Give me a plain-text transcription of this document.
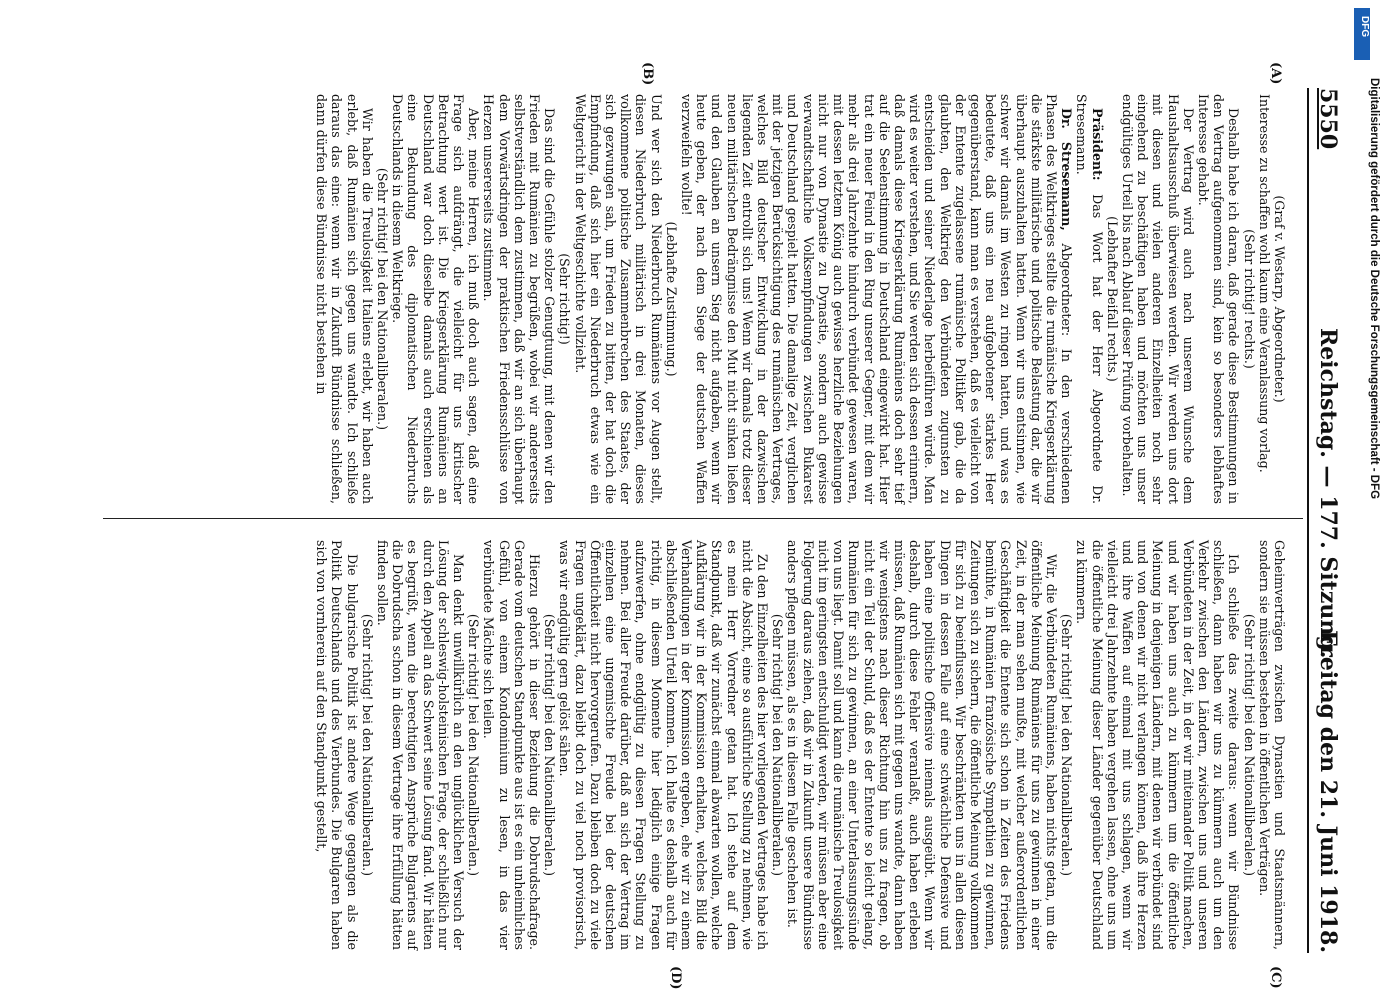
DFG
Digitalisierung gefördert durch die Deutsche Forschungsgemeinschaft - DFG
5550
Reichstag. — 177. Sitzung.
Freitag den 21. Juni 1918.
(A)
(B)
(C)
(D)

(Graf v. Westarp, Abgeordneter.)

Interesse zu schaffen wohl kaum eine Veranlassung vorlag.

(Sehr richtig! rechts.)

Deshalb habe ich daran, daß gerade diese Bestimmungen in den Vertrag aufgenommen sind, kein so besonders lebhaftes Interesse gehabt.

Der Vertrag wird auch nach unserem Wunsche dem Haushaltsausschuß überwiesen werden. Wir werden uns dort mit diesen und vielen anderen Einzelheiten noch sehr eingehend zu beschäftigen haben und möchten uns unser endgültiges Urteil bis nach Ablauf dieser Prüfung vorbehalten.

(Lebhafter Beifall rechts.)

Präsident: Das Wort hat der Herr Abgeordnete Dr. Stresemann.

Dr. Stresemann, Abgeordneter: In den verschiedenen Phasen des Weltkrieges stellte die rumänische Kriegserklärung die stärkste militärische und politische Belastung dar, die wir überhaupt auszuhalten hatten. Wenn wir uns entsinnen, wie schwer wir damals im Westen zu ringen hatten, und was es bedeutete, daß uns ein neu aufgebotener starkes Heer gegenüberstand, kann man es verstehen, daß es vielleicht von der Entente zugelassene rumänische Politiker gab, die da glaubten, den Weltkrieg den Verbündeten zugunsten zu entscheiden und seiner Niederlage herbeiführen würde. Man wird es weiter verstehen, und Sie werden sich dessen erinnern, daß damals diese Kriegserklärung Rumäniens doch sehr tief auf die Seelenstimmung in Deutschland eingewirkt hat. Hier trat ein neuer Feind in den Ring unserer Gegner, mit dem wir mehr als drei Jahrzehnte hindurch verbündet gewesen waren, mit dessen letztem König auch gewisse herzliche Beziehungen nicht nur von Dynastie zu Dynastie, sondern auch gewisse verwandtschaftliche Volksempfindungen zwischen Bukarest und Deutschland gespielt hatten. Die damalige Zeit, verglichen mit der jetzigen Berücksichtigung des rumänischen Vertrages, welches Bild deutscher Entwicklung in der dazwischen liegenden Zeit entrollt sich uns! Wenn wir damals trotz dieser neuen militärischen Bedrängnisse den Mut nicht sinken ließen und den Glauben an unsern Sieg nicht aufgaben, wenn wir heute geben, der nach dem Siege der deutschen Waffen verzweifeln wollte!

(Lebhafte Zustimmung.)

Und wer sich den Niederbruch Rumäniens vor Augen stellt, diesen Niederbruch militärisch in drei Monaten, dieses vollkommene politische Zusammenbrechen des Staates, der sich gezwungen sah, um Frieden zu bitten, der hat doch die Empfindung, daß sich hier ein Niederbruch etwas wie ein Weltgericht in der Weltgeschichte vollzieht.

(Sehr richtig!)

Das sind die Gefühle stolzer Genugtuung, mit denen wir den Frieden mit Rumänien zu begrüßen, wobei wir andererseits selbstverständlich dem zustimmen, daß wir an sich überhaupt dem Vorwärtsdringen der praktischen Friedensschlüsse von Herzen unsererseits zustimmen.

Aber, meine Herren, ich muß doch auch sagen, daß eine Frage sich aufdrängt, die vielleicht für uns kritischer Betrachtung wert ist. Die Kriegserklärung Rumäniens an Deutschland war doch dieselbe damals auch erschienen als eine Bekundung des diplomatischen Niederbruchs Deutschlands in diesem Weltkriege.

(Sehr richtig! bei den Nationalliberalen.)

Wir haben die Treulosigkeit Italiens erlebt, wir haben auch erlebt, daß Rumänien sich gegen uns wandte. Ich schließe daraus das eine: wenn wir in Zukunft Bündnisse schließen, dann dürfen diese Bündnisse nicht bestehen in

Geheimverträgen zwischen Dynastien und Staatsmännern, sondern sie müssen bestehen in öffentlichen Verträgen.

(Sehr richtig! bei den Nationalliberalen.)

Ich schließe das zweite daraus: wenn wir Bündnisse schließen, dann haben wir uns zu kümmern auch um den Verkehr zwischen den Ländern, zwischen uns und unseren Verbündeten in der Zeit, in der wir miteinander Politik machen, und wir haben uns auch zu kümmern um die öffentliche Meinung in denjenigen Ländern, mit denen wir verbündet sind und von denen wir nicht verlangen können, daß ihre Herzen und ihre Waffen auf einmal mit uns schlagen, wenn wir vielleicht drei Jahrzehnte haben vergehen lassen, ohne uns um die öffentliche Meinung dieser Länder gegenüber Deutschland zu kümmern.

(Sehr richtig! bei den Nationalliberalen.)

Wir, die Verbündeten Rumäniens, haben nichts getan, um die öffentliche Meinung Rumäniens für uns zu gewinnen in einer Zeit, in der man sehen mußte, mit welcher außerordentlichen Geschäftigkeit die Entente sich schon in Zeiten des Friedens bemühte, in Rumänien französische Sympathien zu gewinnen, Zeitungen sich zu sichern, die öffentliche Meinung vollkommen für sich zu beeinflussen. Wir beschränkten uns in allen diesen Dingen in dessen Falle auf eine schwächliche Defensive und haben eine politische Offensive niemals ausgeübt. Wenn wir deshalb, durch diese Fehler veranlaßt, auch haben erleben müssen, daß Rumänien sich mit gegen uns wandte, dann haben wir wenigstens nach dieser Richtung hin uns zu fragen, ob nicht ein Teil der Schuld, daß es der Entente so leicht gelang, Rumänien für sich zu gewinnen, an einer Unterlassungssünde von uns liegt. Damit soll und kann die rumänische Treulosigkeit nicht im geringsten entschuldigt werden, wir müssen aber eine Folgerung daraus ziehen, daß wir in Zukunft unsere Bündnisse anders pflegen müssen, als es in diesem Falle geschehen ist.

(Sehr richtig! bei den Nationalliberalen.)

Zu den Einzelheiten des hier vorliegenden Vertrages habe ich nicht die Absicht, eine so ausführliche Stellung zu nehmen, wie es mein Herr Vorredner getan hat. Ich stehe auf dem Standpunkt, daß wir zunächst einmal abwarten wollen, welche Aufklärung wir in der Kommission erhalten, welches Bild die Verhandlungen in der Kommission ergeben, ehe wir zu einem abschließenden Urteil kommen. Ich halte es deshalb auch für richtig, in diesem Momente hier lediglich einige Fragen aufzuwerfen, ohne endgültig zu diesen Fragen Stellung zu nehmen. Bei aller Freude darüber, daß an sich der Vertrag im einzelnen eine ungemischte Freude bei der deutschen Öffentlichkeit nicht hervorgerufen. Dazu bleiben doch zu viele Fragen ungeklärt, dazu bleibt doch zu viel noch provisorisch, was wir endgültig gern gelöst sähen.

(Sehr richtig! bei den Nationalliberalen.)

Hierzu gehört in dieser Beziehung die Dobrudschafrage. Gerade vom deutschen Standpunkte aus ist es ein unheimliches Gefühl, von einem Kondominium zu lesen, in das vier verbündete Mächte sich teilen.

(Sehr richtig! bei den Nationalliberalen.)

Man denkt unwillkürlich an den unglücklichen Versuch der Lösung der schleswig-holsteinischen Frage, der schließlich nur durch den Appell an das Schwert seine Lösung fand. Wir hätten es begrüßt, wenn die berechtigten Ansprüche Bulgariens auf die Dobrudscha schon in diesem Vertrage ihre Erfüllung hätten finden sollen.

(Sehr richtig! bei den Nationalliberalen.)

Die bulgarische Politik ist andere Wege gegangen als die Politik Deutschlands und des Vierbundes. Die Bulgaren haben sich von vornherein auf den Standpunkt gestellt,
